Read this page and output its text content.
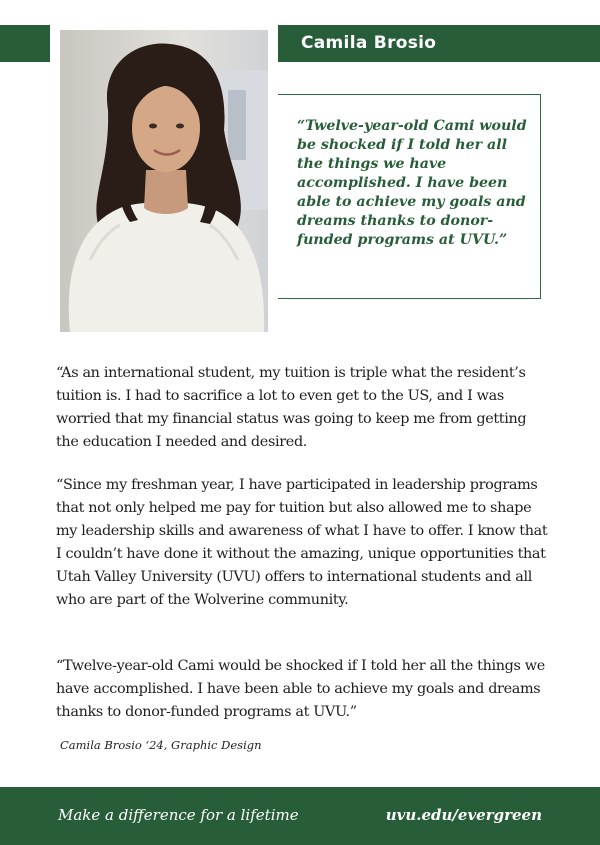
Camila Brosio

“Twelve-year-old Cami would be shocked if I told her all the things we have accomplished. I have been able to achieve my goals and dreams thanks to donor-funded programs at UVU.”

“As an international student, my tuition is triple what the resident’s tuition is. I had to sacrifice a lot to even get to the US, and I was worried that my financial status was going to keep me from getting the education I needed and desired.

“Since my freshman year, I have participated in leadership programs that not only helped me pay for tuition but also allowed me to shape my leadership skills and awareness of what I have to offer. I know that I couldn’t have done it without the amazing, unique opportunities that Utah Valley University (UVU) offers to international students and all who are part of the Wolverine community.

“Twelve-year-old Cami would be shocked if I told her all the things we have accomplished. I have been able to achieve my goals and dreams thanks to donor-funded programs at UVU.”

Camila Brosio ‘24, Graphic Design
Make a difference for a lifetime	uvu.edu/evergreen
